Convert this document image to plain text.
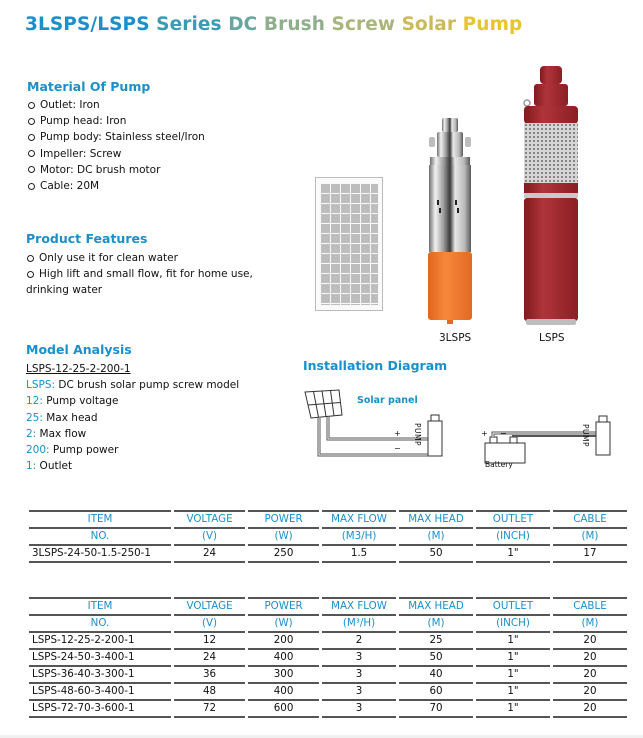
3LSPS/LSPS Series DC Brush Screw Solar Pump
Material Of Pump
Outlet: Iron
Pump head: Iron
Pump body: Stainless steel/Iron
Impeller: Screw
Motor: DC brush motor
Cable: 20M
Product Features
Only use it for clean water
High lift and small flow, fit for home use,
drinking water
Model Analysis
LSPS-12-25-2-200-1
LSPS: DC brush solar pump screw model
12: Pump voltage
25: Max head
2: Max flow
200: Pump power
1: Outlet
3LSPS	LSPS
Installation Diagram
Solar panel
+
−
+ −
PUMP	PUMP
Battery
ITEM	VOLTAGE	POWER	MAX FLOW	MAX HEAD	OUTLET	CABLE
NO.	(V)	(W)	(M3/H)	(M)	(INCH)	(M)
3LSPS-24-50-1.5-250-1	24	250	1.5	50	1"	17
ITEM	VOLTAGE	POWER	MAX FLOW	MAX HEAD	OUTLET	CABLE
NO.	(V)	(W)	(M³/H)	(M)	(INCH)	(M)
LSPS-12-25-2-200-1	12	200	2	25	1"	20
LSPS-24-50-3-400-1	24	400	3	50	1"	20
LSPS-36-40-3-300-1	36	300	3	40	1"	20
LSPS-48-60-3-400-1	48	400	3	60	1"	20
LSPS-72-70-3-600-1	72	600	3	70	1"	20
